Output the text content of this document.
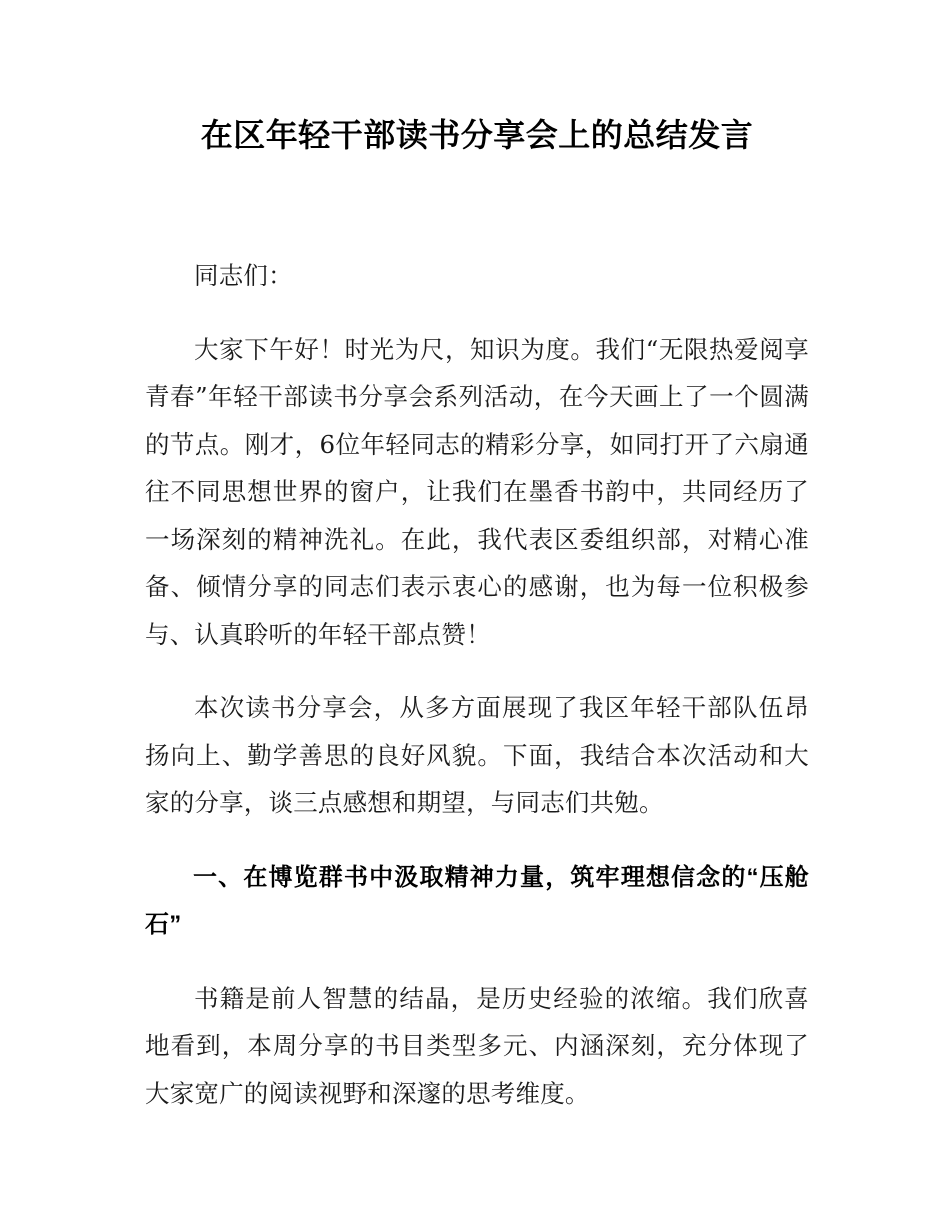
在区年轻干部读书分享会上的总结发言

同志们：

大家下午好！时光为尺，知识为度。我们“无限热爱阅享青春”年轻干部读书分享会系列活动，在今天画上了一个圆满的节点。刚才，6位年轻同志的精彩分享，如同打开了六扇通往不同思想世界的窗户，让我们在墨香书韵中，共同经历了一场深刻的精神洗礼。在此，我代表区委组织部，对精心准备、倾情分享的同志们表示衷心的感谢，也为每一位积极参与、认真聆听的年轻干部点赞！

本次读书分享会，从多方面展现了我区年轻干部队伍昂扬向上、勤学善思的良好风貌。下面，我结合本次活动和大家的分享，谈三点感想和期望，与同志们共勉。

一、在博览群书中汲取精神力量，筑牢理想信念的“压舱石”

书籍是前人智慧的结晶，是历史经验的浓缩。我们欣喜地看到，本周分享的书目类型多元、内涵深刻，充分体现了大家宽广的阅读视野和深邃的思考维度。
